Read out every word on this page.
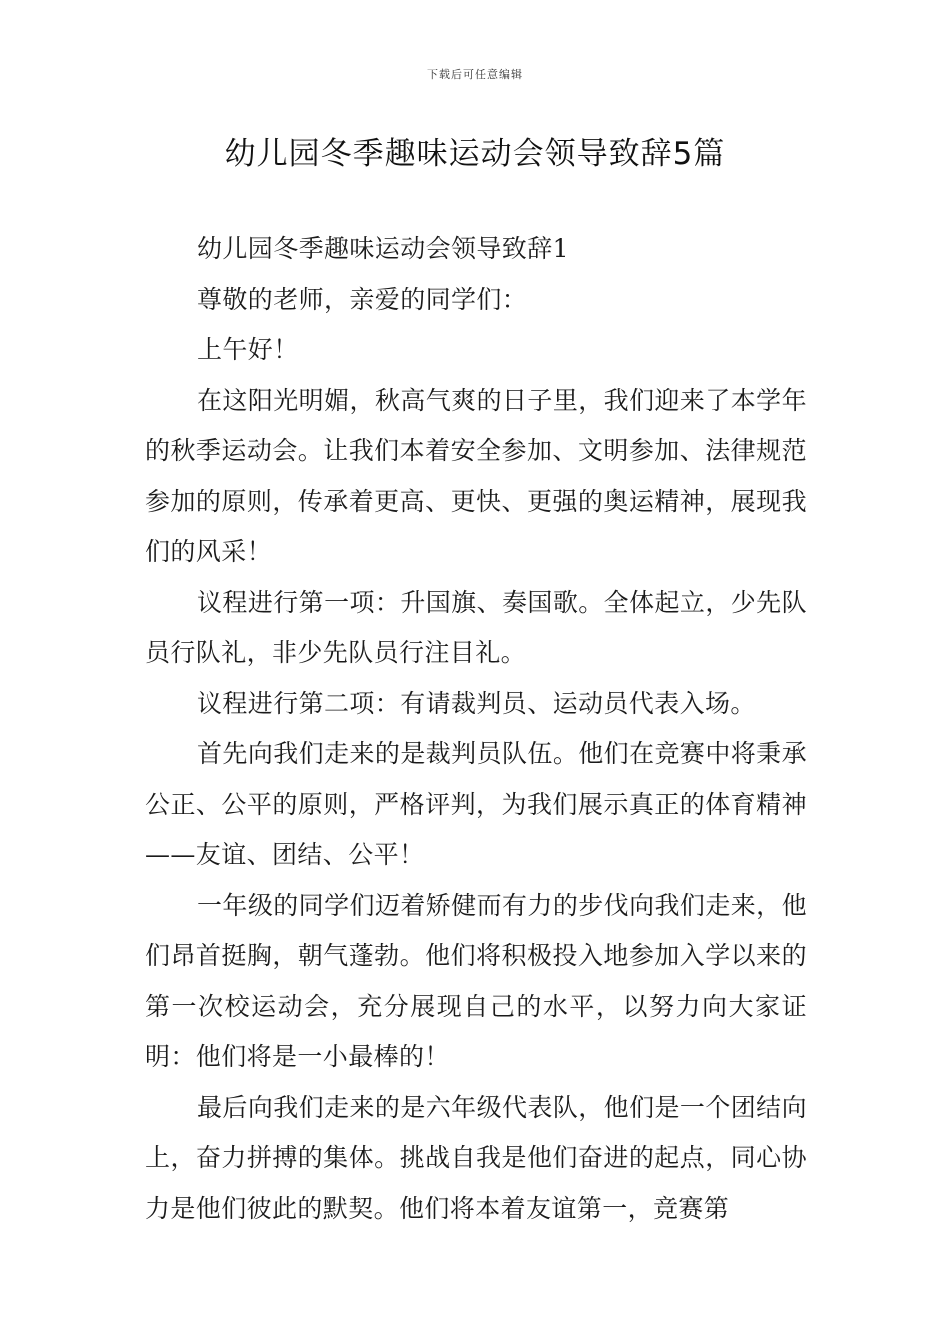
下载后可任意编辑
幼儿园冬季趣味运动会领导致辞5篇

幼儿园冬季趣味运动会领导致辞1

尊敬的老师，亲爱的同学们：

上午好！

在这阳光明媚，秋高气爽的日子里，我们迎来了本学年的秋季运动会。让我们本着安全参加、文明参加、法律规范参加的原则，传承着更高、更快、更强的奥运精神，展现我们的风采！

议程进行第一项：升国旗、奏国歌。全体起立，少先队员行队礼，非少先队员行注目礼。

议程进行第二项：有请裁判员、运动员代表入场。

首先向我们走来的是裁判员队伍。他们在竞赛中将秉承公正、公平的原则，严格评判，为我们展示真正的体育精神——友谊、团结、公平！

一年级的同学们迈着矫健而有力的步伐向我们走来，他们昂首挺胸，朝气蓬勃。他们将积极投入地参加入学以来的第一次校运动会，充分展现自己的水平，以努力向大家证明：他们将是一小最棒的！

最后向我们走来的是六年级代表队，他们是一个团结向上，奋力拼搏的集体。挑战自我是他们奋进的起点，同心协力是他们彼此的默契。他们将本着友谊第一，竞赛第
